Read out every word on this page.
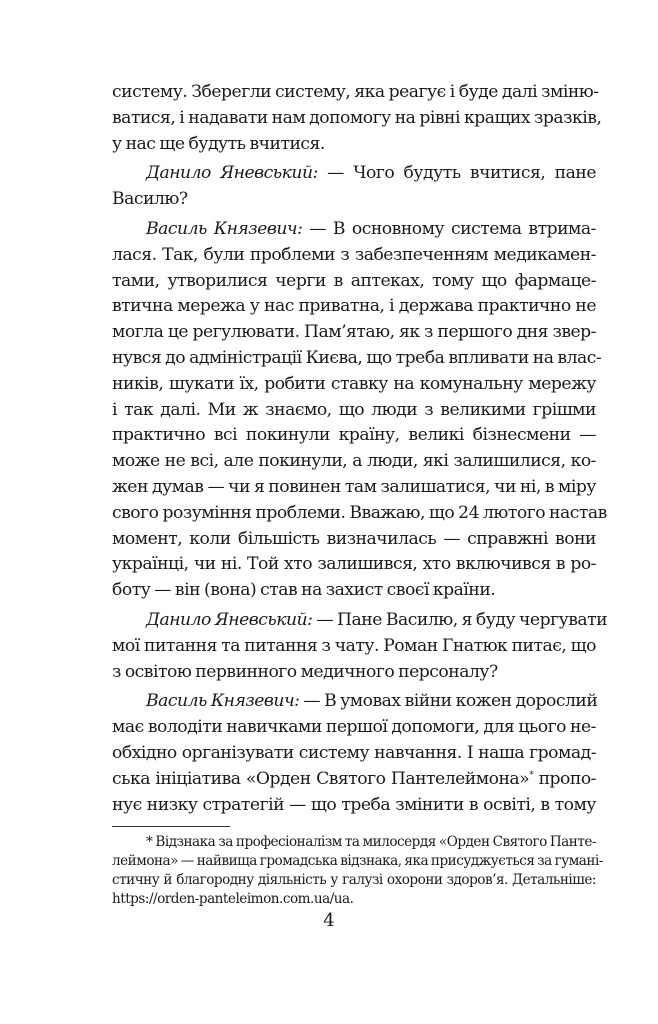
систему. Зберегли систему, яка реагує і буде далі зміню-
ватися, і надавати нам допомогу на рівні кращих зразків,
у нас ще будуть вчитися.
Данило Яневський: — Чого будуть вчитися, пане
Василю?
Василь Князевич: — В основному система втрима-
лася. Так, були проблеми з забезпеченням медикамен-
тами, утворилися черги в аптеках, тому що фармаце-
втична мережа у нас приватна, і держава практично не
могла це регулювати. Пам’ятаю, як з першого дня звер-
нувся до адміністрації Києва, що треба впливати на влас-
ників, шукати їх, робити ставку на комунальну мережу
і так далі. Ми ж знаємо, що люди з великими грішми
практично всі покинули країну, великі бізнесмени —
може не всі, але покинули, а люди, які залишилися, ко-
жен думав — чи я повинен там залишатися, чи ні, в міру
свого розуміння проблеми. Вважаю, що 24 лютого настав
момент, коли більшість визначилась — справжні вони
українці, чи ні. Той хто залишився, хто включився в ро-
боту — він (вона) став на захист своєї країни.
Данило Яневський: — Пане Василю, я буду чергувати
мої питання та питання з чату. Роман Гнатюк питає, що
з освітою первинного медичного персоналу?
Василь Князевич: — В умовах війни кожен дорослий
має володіти навичками першої допомоги, для цього не-
обхідно організувати систему навчання. І наша громад-
ська ініціатива «Орден Святого Пантелеймона»* пропо-
нує низку стратегій — що треба змінити в освіті, в тому
* Відзнака за професіоналізм та милосердя «Орден Святого Панте-
леймона» — найвища громадська відзнака, яка присуджується за гумані-
стичну й благородну діяльність у галузі охорони здоров’я. Детальніше:
https://orden-panteleimon.com.ua/ua.
4
